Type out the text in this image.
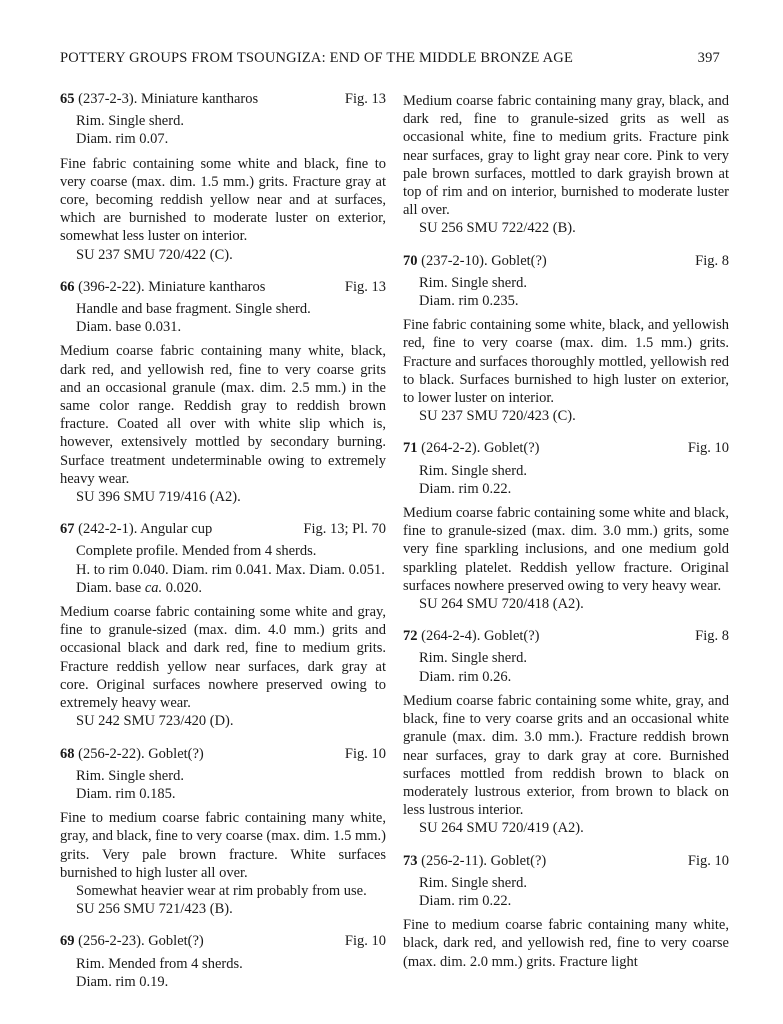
POTTERY GROUPS FROM TSOUNGIZA: END OF THE MIDDLE BRONZE AGE	397
65 (237-2-3). Miniature kantharos	Fig. 13
Rim. Single sherd.
Diam. rim 0.07.
Fine fabric containing some white and black, fine to very coarse (max. dim. 1.5 mm.) grits. Fracture gray at core, becoming reddish yellow near and at surfaces, which are burnished to moderate luster on exterior, somewhat less luster on interior.
SU 237 SMU 720/422 (C).
66 (396-2-22). Miniature kantharos	Fig. 13
Handle and base fragment. Single sherd.
Diam. base 0.031.
Medium coarse fabric containing many white, black, dark red, and yellowish red, fine to very coarse grits and an occasional granule (max. dim. 2.5 mm.) in the same color range. Reddish gray to reddish brown fracture. Coated all over with white slip which is, however, extensively mottled by secondary burning. Surface treatment undeterminable owing to extremely heavy wear.
SU 396 SMU 719/416 (A2).
67 (242-2-1). Angular cup	Fig. 13; Pl. 70
Complete profile. Mended from 4 sherds.
H. to rim 0.040. Diam. rim 0.041. Max. Diam. 0.051. Diam. base ca. 0.020.
Medium coarse fabric containing some white and gray, fine to granule-sized (max. dim. 4.0 mm.) grits and occasional black and dark red, fine to medium grits. Fracture reddish yellow near surfaces, dark gray at core. Original surfaces nowhere preserved owing to extremely heavy wear.
SU 242 SMU 723/420 (D).
68 (256-2-22). Goblet(?)	Fig. 10
Rim. Single sherd.
Diam. rim 0.185.
Fine to medium coarse fabric containing many white, gray, and black, fine to very coarse (max. dim. 1.5 mm.) grits. Very pale brown fracture. White surfaces burnished to high luster all over.
Somewhat heavier wear at rim probably from use.
SU 256 SMU 721/423 (B).
69 (256-2-23). Goblet(?)	Fig. 10
Rim. Mended from 4 sherds.
Diam. rim 0.19.
Medium coarse fabric containing many gray, black, and dark red, fine to granule-sized grits as well as occasional white, fine to medium grits. Fracture pink near surfaces, gray to light gray near core. Pink to very pale brown surfaces, mottled to dark grayish brown at top of rim and on interior, burnished to moderate luster all over.
SU 256 SMU 722/422 (B).
70 (237-2-10). Goblet(?)	Fig. 8
Rim. Single sherd.
Diam. rim 0.235.
Fine fabric containing some white, black, and yellowish red, fine to very coarse (max. dim. 1.5 mm.) grits. Fracture and surfaces thoroughly mottled, yellowish red to black. Surfaces burnished to high luster on exterior, to lower luster on interior.
SU 237 SMU 720/423 (C).
71 (264-2-2). Goblet(?)	Fig. 10
Rim. Single sherd.
Diam. rim 0.22.
Medium coarse fabric containing some white and black, fine to granule-sized (max. dim. 3.0 mm.) grits, some very fine sparkling inclusions, and one medium gold sparkling platelet. Reddish yellow fracture. Original surfaces nowhere preserved owing to very heavy wear.
SU 264 SMU 720/418 (A2).
72 (264-2-4). Goblet(?)	Fig. 8
Rim. Single sherd.
Diam. rim 0.26.
Medium coarse fabric containing some white, gray, and black, fine to very coarse grits and an occasional white granule (max. dim. 3.0 mm.). Fracture reddish brown near surfaces, gray to dark gray at core. Burnished surfaces mottled from reddish brown to black on moderately lustrous exterior, from brown to black on less lustrous interior.
SU 264 SMU 720/419 (A2).
73 (256-2-11). Goblet(?)	Fig. 10
Rim. Single sherd.
Diam. rim 0.22.
Fine to medium coarse fabric containing many white, black, dark red, and yellowish red, fine to very coarse (max. dim. 2.0 mm.) grits. Fracture light
